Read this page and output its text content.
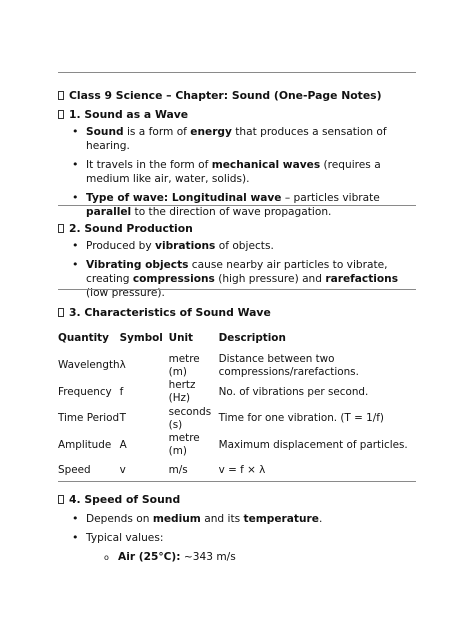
Class 9 Science – Chapter: Sound (One-Page Notes)
1. Sound as a Wave
• Sound is a form of energy that produces a sensation of hearing.
• It travels in the form of mechanical waves (requires a medium like air, water, solids).
• Type of wave: Longitudinal wave – particles vibrate parallel to the direction of wave propagation.
2. Sound Production
• Produced by vibrations of objects.
• Vibrating objects cause nearby air particles to vibrate, creating compressions (high pressure) and rarefactions (low pressure).
3. Characteristics of Sound Wave
Quantity	Symbol	Unit	Description
Wavelength	λ	metre (m)	Distance between two compressions/rarefactions.
Frequency	f	hertz (Hz)	No. of vibrations per second.
Time Period	T	seconds (s)	Time for one vibration. (T = 1/f)
Amplitude	A	metre (m)	Maximum displacement of particles.
Speed	v	m/s	v = f × λ
4. Speed of Sound
• Depends on medium and its temperature.
• Typical values:
o Air (25°C): ~343 m/s
